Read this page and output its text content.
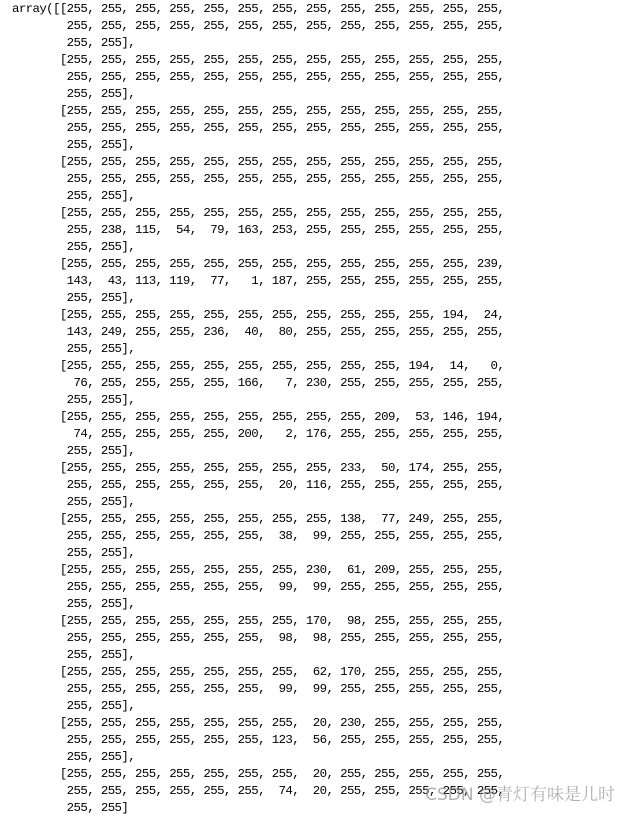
array([[255, 255, 255, 255, 255, 255, 255, 255, 255, 255, 255, 255, 255,
255, 255, 255, 255, 255, 255, 255, 255, 255, 255, 255, 255, 255,
255, 255],
[255, 255, 255, 255, 255, 255, 255, 255, 255, 255, 255, 255, 255,
255, 255, 255, 255, 255, 255, 255, 255, 255, 255, 255, 255, 255,
255, 255],
[255, 255, 255, 255, 255, 255, 255, 255, 255, 255, 255, 255, 255,
255, 255, 255, 255, 255, 255, 255, 255, 255, 255, 255, 255, 255,
255, 255],
[255, 255, 255, 255, 255, 255, 255, 255, 255, 255, 255, 255, 255,
255, 255, 255, 255, 255, 255, 255, 255, 255, 255, 255, 255, 255,
255, 255],
[255, 255, 255, 255, 255, 255, 255, 255, 255, 255, 255, 255, 255,
255, 238, 115,  54,  79, 163, 253, 255, 255, 255, 255, 255, 255,
255, 255],
[255, 255, 255, 255, 255, 255, 255, 255, 255, 255, 255, 255, 239,
143,  43, 113, 119,  77,   1, 187, 255, 255, 255, 255, 255, 255,
255, 255],
[255, 255, 255, 255, 255, 255, 255, 255, 255, 255, 255, 194,  24,
143, 249, 255, 255, 236,  40,  80, 255, 255, 255, 255, 255, 255,
255, 255],
[255, 255, 255, 255, 255, 255, 255, 255, 255, 255, 194,  14,   0,
76, 255, 255, 255, 255, 166,   7, 230, 255, 255, 255, 255, 255,
255, 255],
[255, 255, 255, 255, 255, 255, 255, 255, 255, 209,  53, 146, 194,
74, 255, 255, 255, 255, 200,   2, 176, 255, 255, 255, 255, 255,
255, 255],
[255, 255, 255, 255, 255, 255, 255, 255, 233,  50, 174, 255, 255,
255, 255, 255, 255, 255, 255,  20, 116, 255, 255, 255, 255, 255,
255, 255],
[255, 255, 255, 255, 255, 255, 255, 255, 138,  77, 249, 255, 255,
255, 255, 255, 255, 255, 255,  38,  99, 255, 255, 255, 255, 255,
255, 255],
[255, 255, 255, 255, 255, 255, 255, 230,  61, 209, 255, 255, 255,
255, 255, 255, 255, 255, 255,  99,  99, 255, 255, 255, 255, 255,
255, 255],
[255, 255, 255, 255, 255, 255, 255, 170,  98, 255, 255, 255, 255,
255, 255, 255, 255, 255, 255,  98,  98, 255, 255, 255, 255, 255,
255, 255],
[255, 255, 255, 255, 255, 255, 255,  62, 170, 255, 255, 255, 255,
255, 255, 255, 255, 255, 255,  99,  99, 255, 255, 255, 255, 255,
255, 255],
[255, 255, 255, 255, 255, 255, 255,  20, 230, 255, 255, 255, 255,
255, 255, 255, 255, 255, 255, 123,  56, 255, 255, 255, 255, 255,
255, 255],
[255, 255, 255, 255, 255, 255, 255,  20, 255, 255, 255, 255, 255,
255, 255, 255, 255, 255, 255,  74,  20, 255, 255, 255, 255, 255,
255, 255]
CSDN @青灯有味是儿时
